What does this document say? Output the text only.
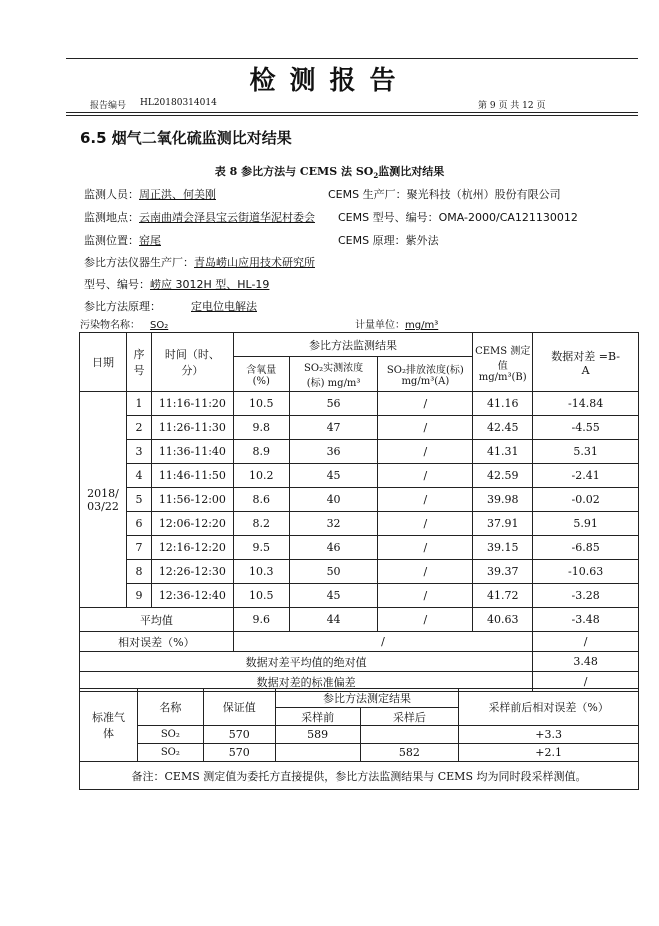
检测报告
报告编号 HL20180314014	第 9 页 共 12 页
6.5 烟气二氧化硫监测比对结果
表 8 参比方法与 CEMS 法 $SO_2$监测比对结果
监测人员：周正洪、何美刚	CEMS 生产厂：聚光科技（杭州）股份有限公司
监测地点：云南曲靖会泽县宝云街道华泥村委会 CEMS 型号、编号：OMA-2000/CA121130012
监测位置：窑尾	CEMS 原理：紫外法
参比方法仪器生产厂：青岛崂山应用技术研究所
型号、编号：崂应 3012H 型、HL-19
参比方法原理：	定电位电解法
污染物名称： SO₂	计量单位：mg/m³
日期	序号	时间（时、分）	参比方法监测结果			CEMS 测定值 mg/m³(B)	数据对差 =B-A
			含氧量(%)	SO₂实测浓度(标) mg/m³	SO₂排放浓度(标) mg/m³(A)		
2018/ 03/22	1	11:16-11:20	10.5	56	/	41.16	-14.84
	2	11:26-11:30	9.8	47	/	42.45	-4.55
	3	11:36-11:40	8.9	36	/	41.31	5.31
	4	11:46-11:50	10.2	45	/	42.59	-2.41
	5	11:56-12:00	8.6	40	/	39.98	-0.02
	6	12:06-12:20	8.2	32	/	37.91	5.91
	7	12:16-12:20	9.5	46	/	39.15	-6.85
	8	12:26-12:30	10.3	50	/	39.37	-10.63
	9	12:36-12:40	10.5	45	/	41.72	-3.28
平均值			9.6	44	/	40.63	-3.48
相对误差（%）			/				/
数据对差平均值的绝对值							3.48
数据对差的标准偏差							/
标准气体	名称	保证值	参比方法测定结果		采样前后相对误差（%）
			采样前	采样后	
	SO₂	570	589		+3.3
	SO₂	570		582	+2.1
备注：CEMS 测定值为委托方直接提供，参比方法监测结果与 CEMS 均为同时段采样测值。					
